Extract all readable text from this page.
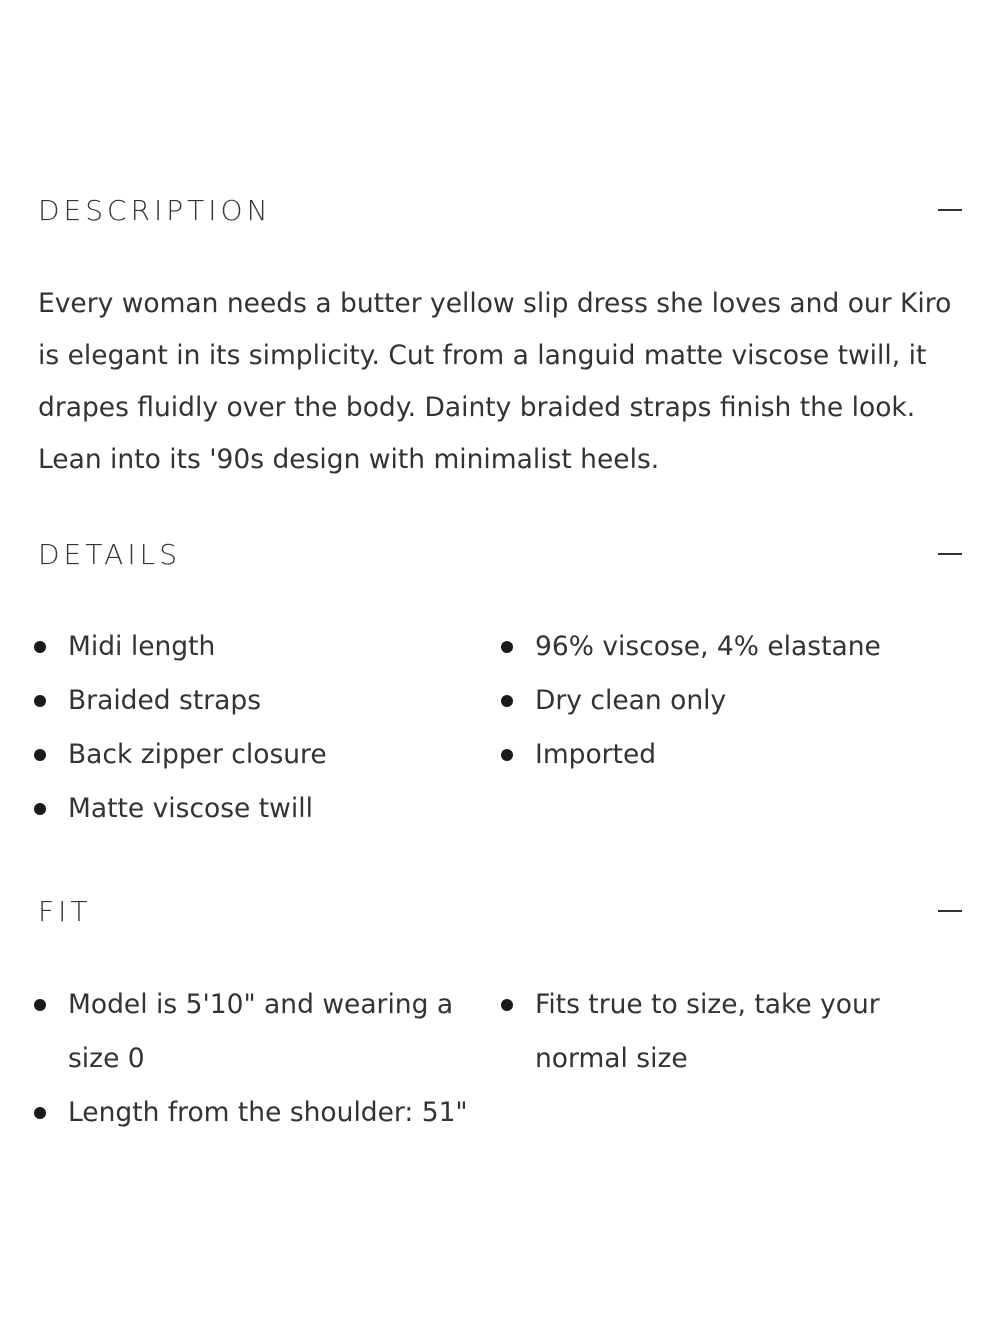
DESCRIPTION

Every woman needs a butter yellow slip dress she loves and our Kiro is elegant in its simplicity. Cut from a languid matte viscose twill, it drapes fluidly over the body. Dainty braided straps finish the look. Lean into its '90s design with minimalist heels.

DETAILS
Midi length
Braided straps
Back zipper closure
Matte viscose twill
96% viscose, 4% elastane
Dry clean only
Imported
FIT
Model is 5'10" and wearing a size 0
Length from the shoulder: 51"
Fits true to size, take your normal size
